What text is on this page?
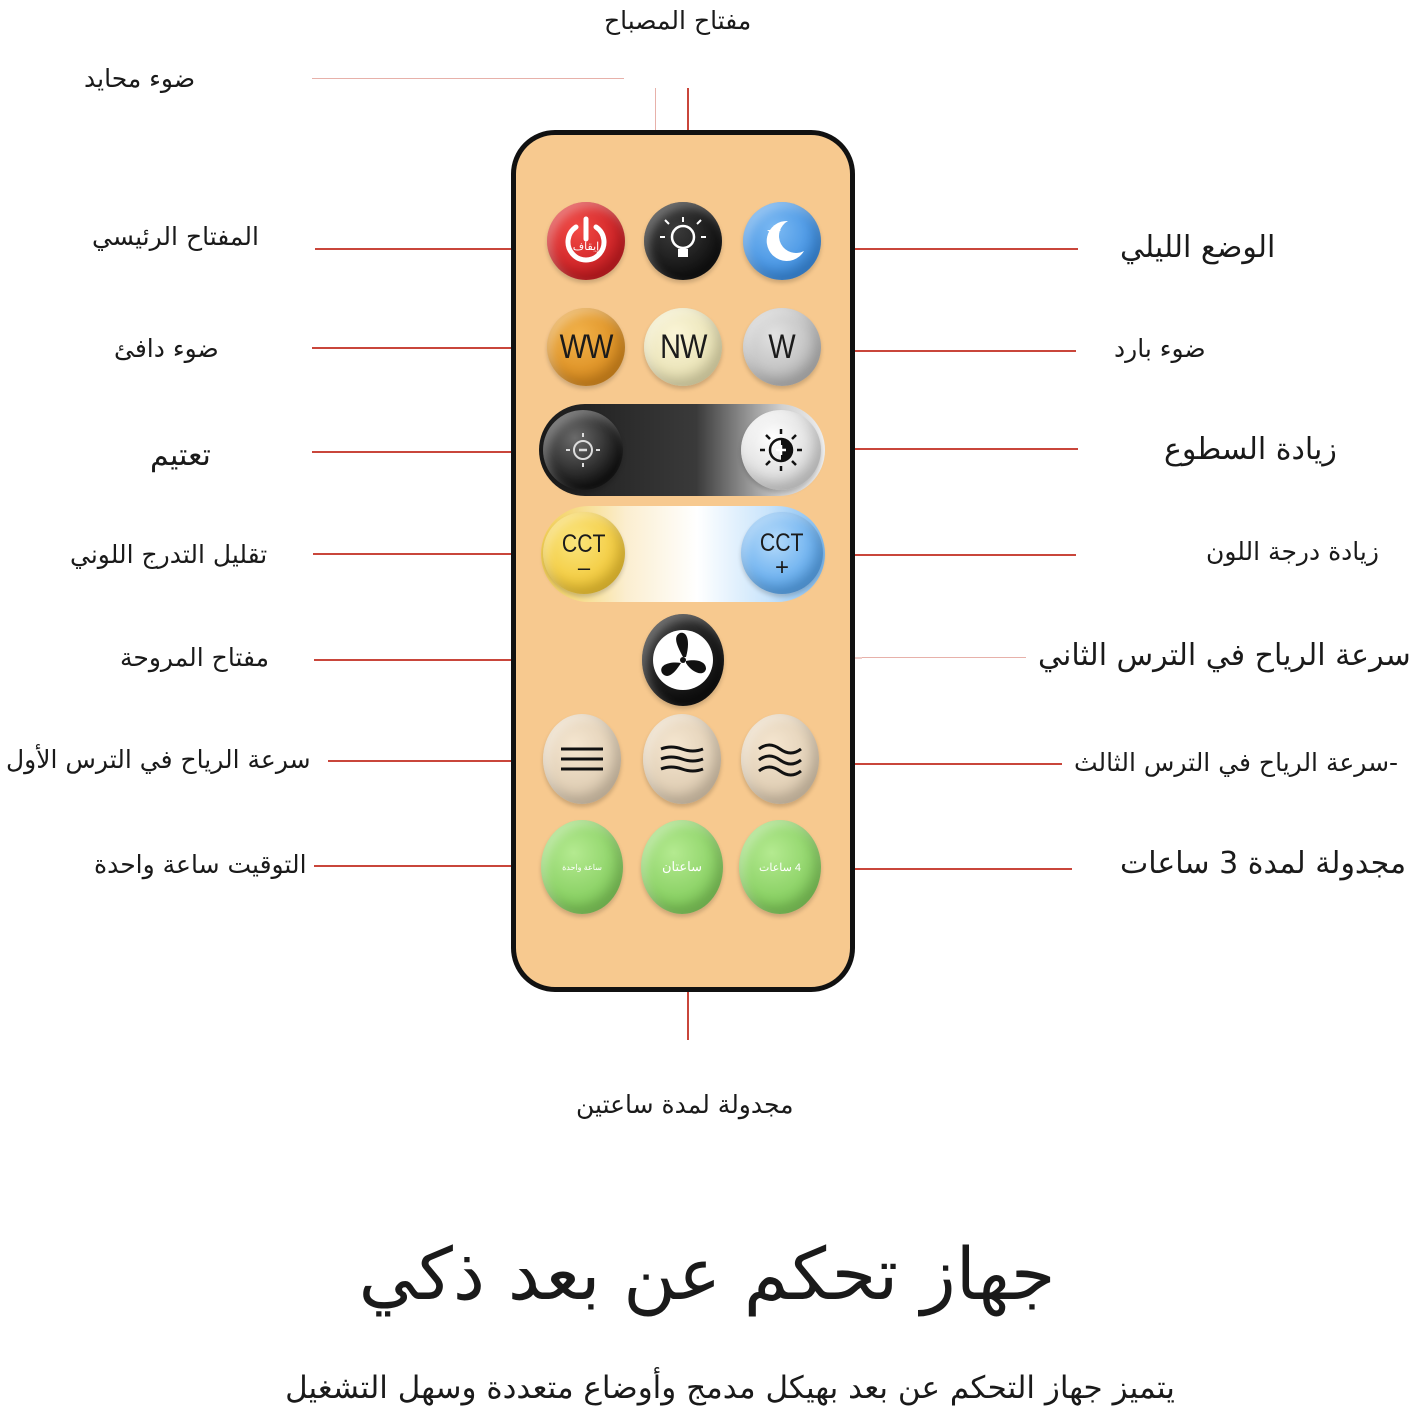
مفتاح المصباح
ضوء محايد
المفتاح الرئيسي
ضوء دافئ
تعتيم
تقليل التدرج اللوني
مفتاح المروحة
سرعة الرياح في الترس الأول
التوقيت ساعة واحدة
مجدولة لمدة ساعتين
الوضع الليلي
ضوء بارد
زيادة السطوع
زيادة درجة اللون
سرعة الرياح في الترس الثاني
-سرعة الرياح في الترس الثالث
مجدولة لمدة 3 ساعات
إيقاف
WW NW W
CCT
–
CCT
+
ساعة واحدة	ساعتان	4 ساعات
جهاز تحكم عن بعد ذكي
يتميز جهاز التحكم عن بعد بهيكل مدمج وأوضاع متعددة وسهل التشغيل
